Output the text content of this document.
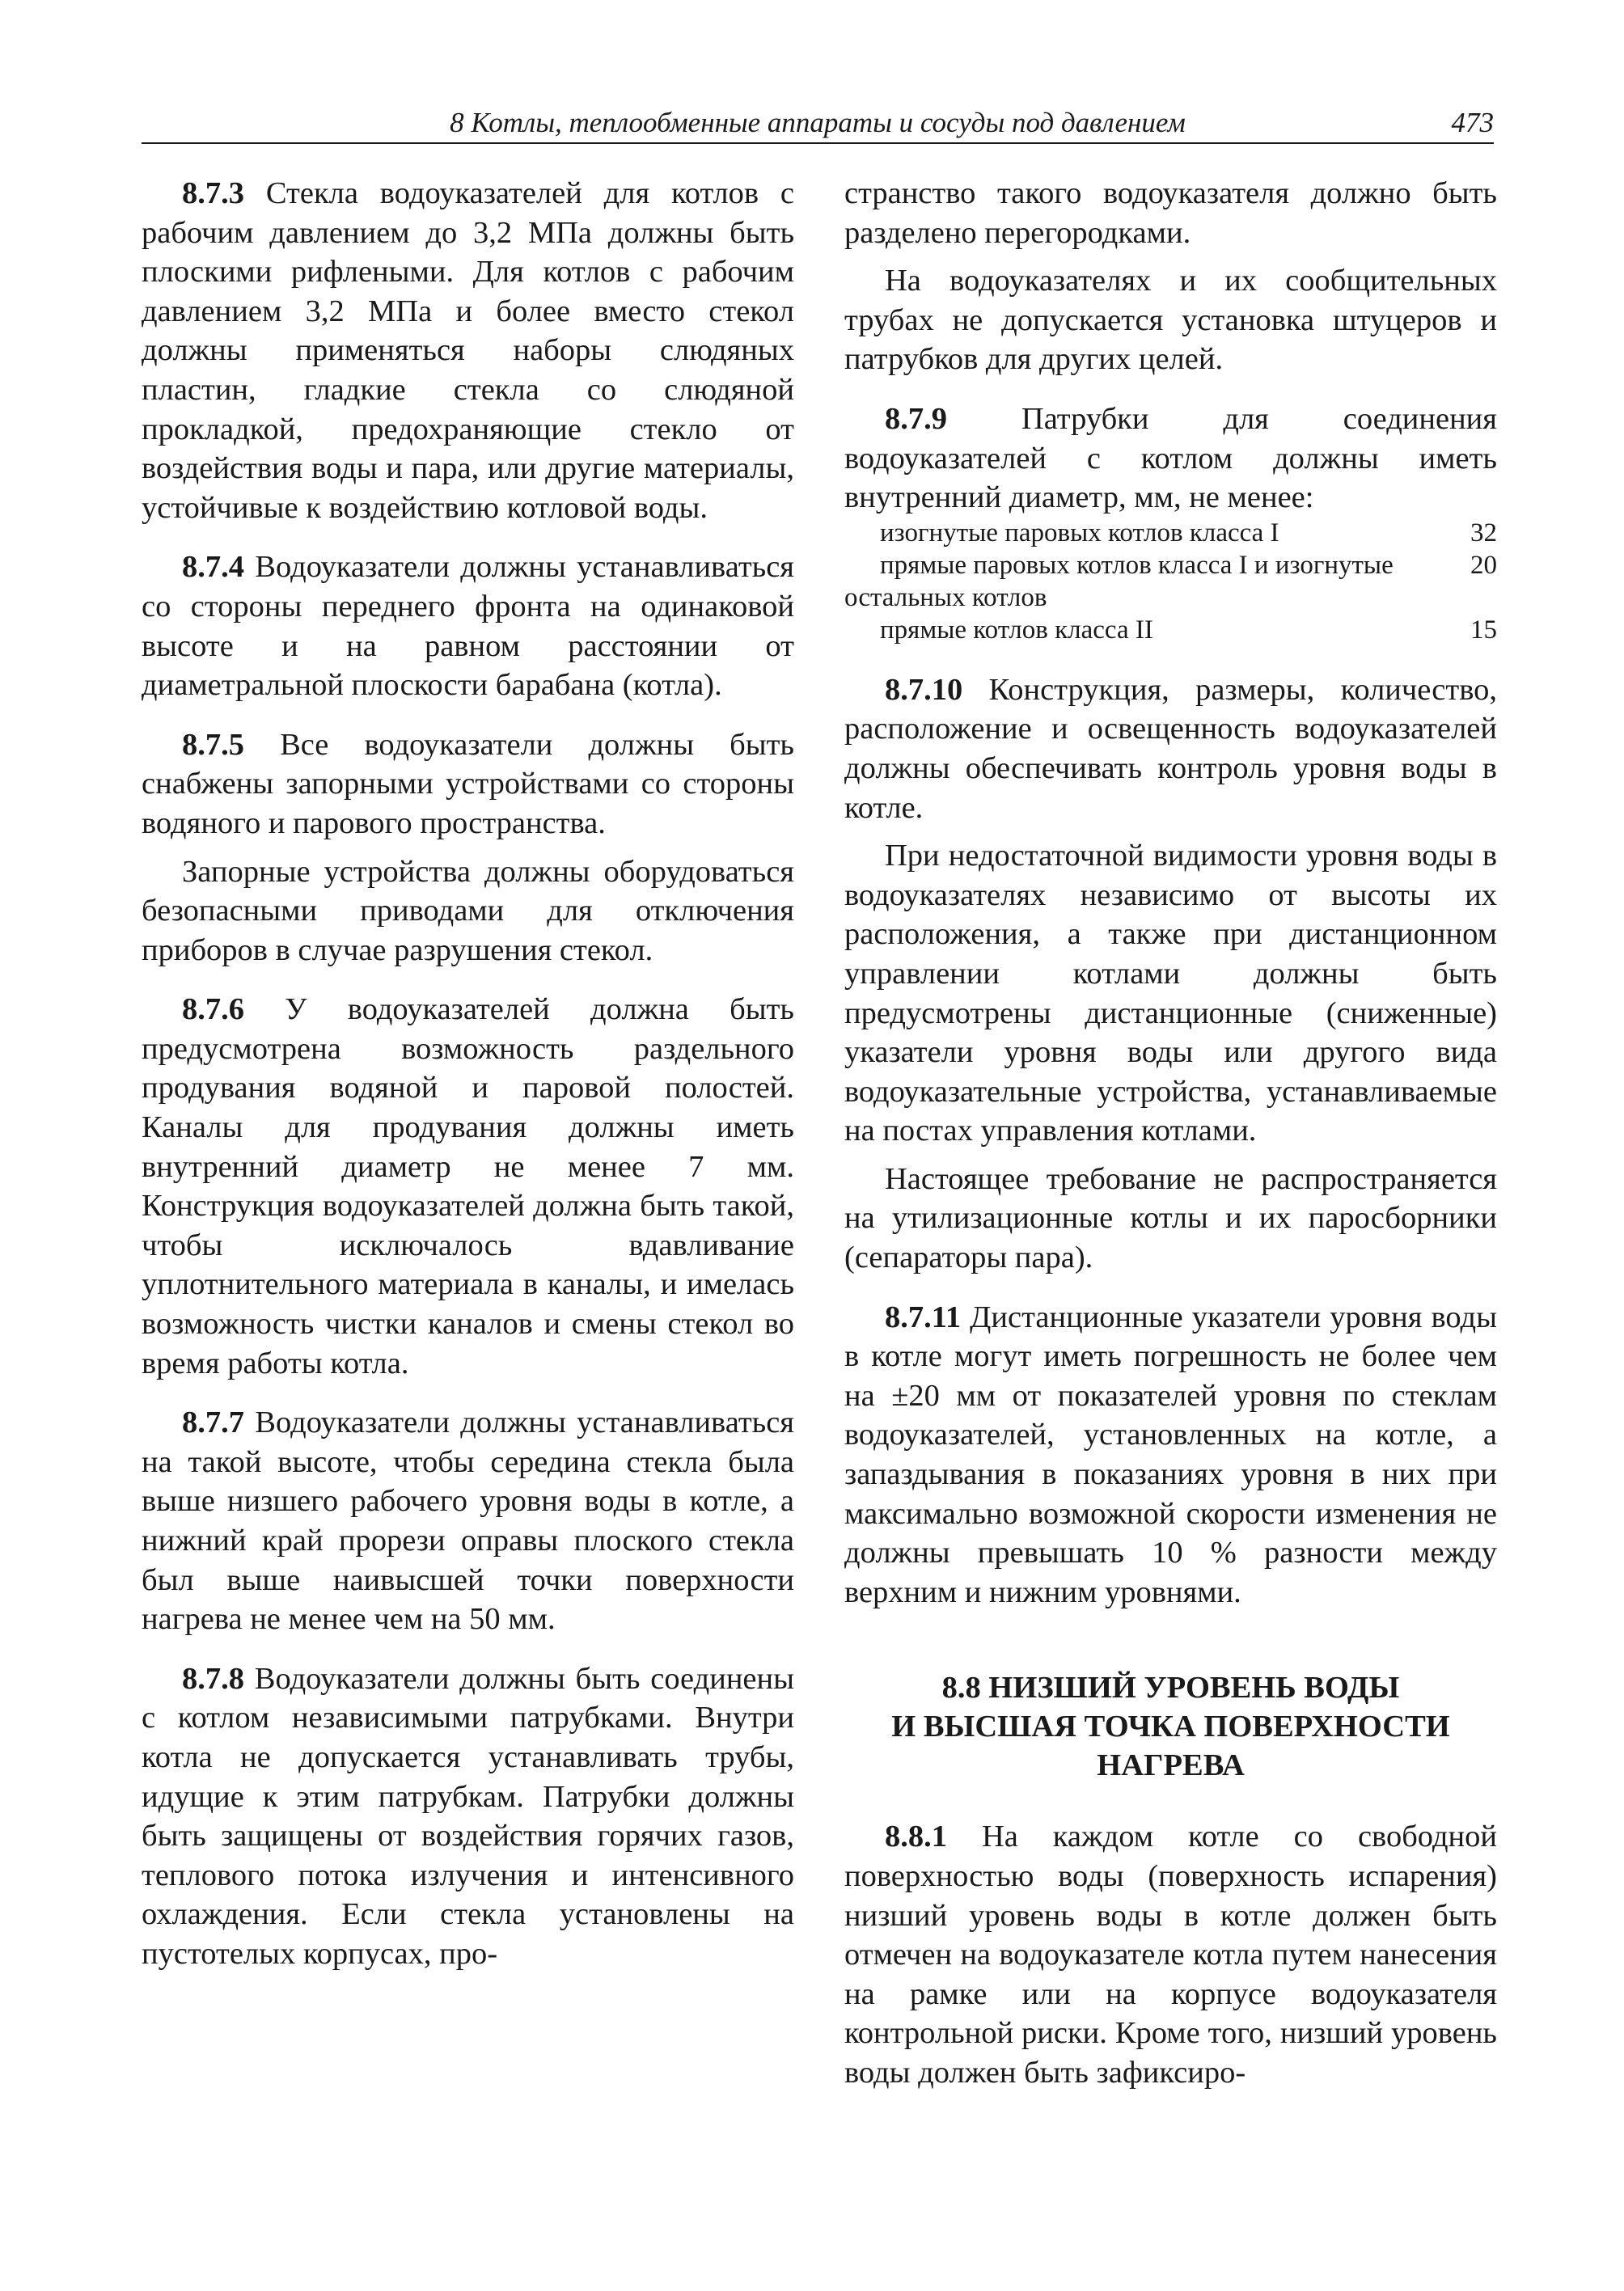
8 Котлы, теплообменные аппараты и сосуды под давлением	473

8.7.3 Стекла водоуказателей для котлов с рабочим давлением до 3,2 МПа должны быть плоскими рифлеными. Для котлов с рабочим давлением 3,2 МПа и более вместо стекол должны применяться наборы слюдяных пластин, гладкие стекла со слюдяной прокладкой, предохраняющие стекло от воздействия воды и пара, или другие материалы, устойчивые к воздействию котловой воды.

8.7.4 Водоуказатели должны устанавливаться со стороны переднего фронта на одинаковой высоте и на равном расстоянии от диаметральной плоскости барабана (котла).

8.7.5 Все водоуказатели должны быть снабжены запорными устройствами со стороны водяного и парового пространства.

Запорные устройства должны оборудоваться безопасными приводами для отключения приборов в случае разрушения стекол.

8.7.6 У водоуказателей должна быть предусмотрена возможность раздельного продувания водяной и паровой полостей. Каналы для продувания должны иметь внутренний диаметр не менее 7 мм. Конструкция водоуказателей должна быть такой, чтобы исключалось вдавливание уплотнительного материала в каналы, и имелась возможность чистки каналов и смены стекол во время работы котла.

8.7.7 Водоуказатели должны устанавливаться на такой высоте, чтобы середина стекла была выше низшего рабочего уровня воды в котле, а нижний край прорези оправы плоского стекла был выше наивысшей точки поверхности нагрева не менее чем на 50 мм.

8.7.8 Водоуказатели должны быть соединены с котлом независимыми патрубками. Внутри котла не допускается устанавливать трубы, идущие к этим патрубкам. Патрубки должны быть защищены от воздействия горячих газов, теплового потока излучения и интенсивного охлаждения. Если стекла установлены на пустотелых корпусах, про-

странство такого водоуказателя должно быть разделено перегородками.

На водоуказателях и их сообщительных трубах не допускается установка штуцеров и патрубков для других целей.

8.7.9 Патрубки для соединения водоуказателей с котлом должны иметь внутренний диаметр, мм, не менее:

изогнутые паровых котлов класса I	32

прямые паровых котлов класса I и изогнутые остальных котлов	20
прямые котлов класса II	15

8.7.10 Конструкция, размеры, количество, расположение и освещенность водоуказателей должны обеспечивать контроль уровня воды в котле.

При недостаточной видимости уровня воды в водоуказателях независимо от высоты их расположения, а также при дистанционном управлении котлами должны быть предусмотрены дистанционные (сниженные) указатели уровня воды или другого вида водоуказательные устройства, устанавливаемые на постах управления котлами.

Настоящее требование не распространяется на утилизационные котлы и их паросборники (сепараторы пара).

8.7.11 Дистанционные указатели уровня воды в котле могут иметь погрешность не более чем на ±20 мм от показателей уровня по стеклам водоуказателей, установленных на котле, а запаздывания в показаниях уровня в них при максимально возможной скорости изменения не должны превышать 10 % разности между верхним и нижним уровнями.

8.8 НИЗШИЙ УРОВЕНЬ ВОДЫ
И ВЫСШАЯ ТОЧКА ПОВЕРХНОСТИ
НАГРЕВА

8.8.1 На каждом котле со свободной поверхностью воды (поверхность испарения) низший уровень воды в котле должен быть отмечен на водоуказателе котла путем нанесения на рамке или на корпусе водоуказателя контрольной риски. Кроме того, низший уровень воды должен быть зафиксиро-
